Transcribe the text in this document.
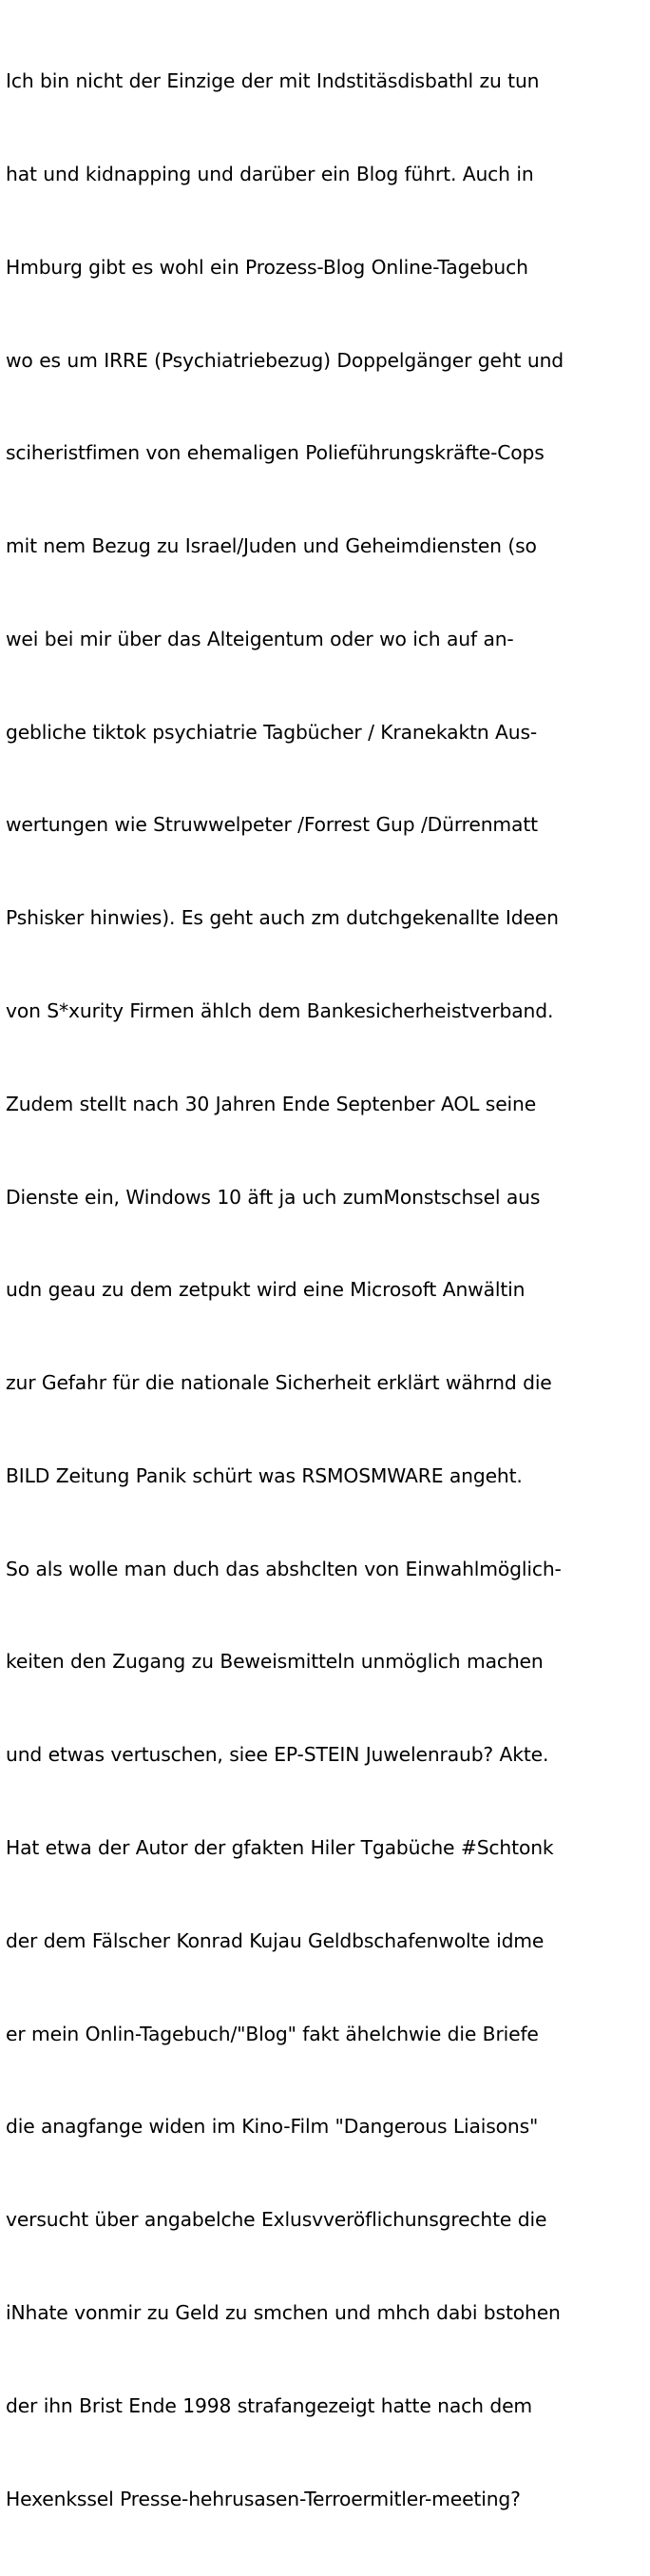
Ich bin nicht der Einzige der mit Indstitäsdisbathl zu tun

hat und kidnapping und darüber ein Blog führt. Auch in

Hmburg gibt es wohl ein Prozess-Blog Online-Tagebuch

wo es um IRRE (Psychiatriebezug) Doppelgänger geht und

sciheristfimen von ehemaligen Polieführungskräfte-Cops

mit nem Bezug zu Israel/Juden und Geheimdiensten (so

wei bei mir über das Alteigentum oder wo ich auf an-

gebliche tiktok psychiatrie Tagbücher / Kranekaktn Aus-

wertungen wie Struwwelpeter /Forrest Gup /Dürrenmatt

Pshisker hinwies). Es geht auch zm dutchgekenallte Ideen

von S*xurity Firmen ählch dem Bankesicherheistverband.

Zudem stellt nach 30 Jahren Ende Septenber AOL seine

Dienste ein, Windows 10 äft ja uch zumMonstschsel aus

udn geau zu dem zetpukt wird eine Microsoft Anwältin

zur Gefahr für die nationale Sicherheit erklärt währnd die

BILD Zeitung Panik schürt was RSMOSMWARE angeht.

So als wolle man duch das abshclten von Einwahlmöglich-

keiten den Zugang zu Beweismitteln unmöglich machen

und etwas vertuschen, siee EP-STEIN Juwelenraub? Akte.

Hat etwa der Autor der gfakten Hiler Tgabüche #Schtonk

der dem Fälscher Konrad Kujau Geldbschafenwolte idme

er mein Onlin-Tagebuch/"Blog" fakt ähelchwie die Briefe

die anagfange widen im Kino-Film "Dangerous Liaisons"

versucht über angabelche Exlusvveröflichunsgrechte die

iNhate vonmir zu Geld zu smchen und mhch dabi bstohen

der ihn Brist Ende 1998 strafangezeigt hatte nach dem

Hexenkssel Presse-hehrusasen-Terroermitler-meeting?
